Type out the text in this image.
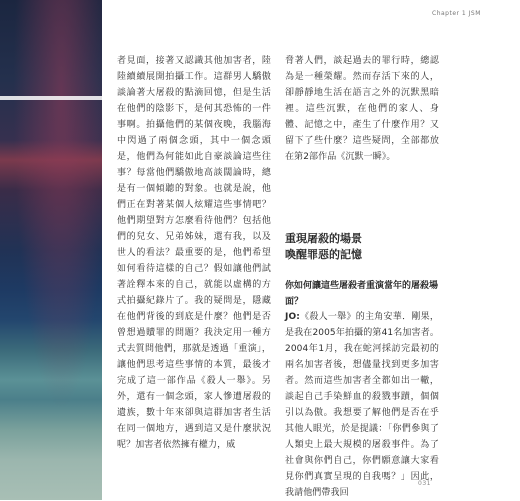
Chapter 1 JSM

者見面，接著又認識其他加害者，陸陸續續展開拍攝工作。這群男人驕傲談論著大屠殺的點滴回憶，但是生活在他們的陰影下，是何其恐怖的一件事啊。拍攝他們的某個夜晚，我腦海中閃過了兩個念頭，其中一個念頭是，他們為何能如此自豪談論這些往事？每當他們驕傲地高談闊論時，總是有一個傾聽的對象。也就是說，他們正在對著某個人炫耀這些事情吧？他們期望對方怎麼看待他們？包括他們的兒女、兄弟姊妹，還有我，以及世人的看法？最重要的是，他們希望如何看待這樣的自己？假如讓他們試著詮釋本來的自己，就能以虛構的方式拍攝紀錄片了。我的疑問是，隱藏在他們背後的到底是什麼？他們是否曾想過贖罪的問題？我決定用一種方式去質問他們，那就是透過「重演」，讓他們思考這些事情的本質，最後才完成了這一部作品《殺人一舉》。另外，還有一個念頭，家人慘遭屠殺的遺族，數十年來卻與這群加害者生活在同一個地方，遇到這又是什麼狀況呢？加害者依然擁有權力，威

脅著人們，談起過去的罪行時，總認為是一種榮耀。然而存活下來的人，卻靜靜地生活在語言之外的沉默黑暗裡。這些沉默，在他們的家人、身體、記憶之中，產生了什麼作用？又留下了些什麼？這些疑問，全部都放在第2部作品《沉默一瞬》。

重現屠殺的場景
喚醒罪惡的記憶

你如何讓這些屠殺者重演當年的屠殺場面？

JO:《殺人一舉》的主角安華．剛果，是我在2005年拍攝的第41名加害者。2004年1月，我在蛇河採訪完最初的兩名加害者後，想儘量找到更多加害者。然而這些加害者全都如出一轍，談起自己手染鮮血的殺戮事蹟，個個引以為傲。我想要了解他們是否在乎其他人眼光，於是提議：「你們參與了人類史上最大規模的屠殺事件。為了社會與你們自己，你們願意讓大家看見你們真實呈現的自我嗎？」因此，我請他們帶我回

031
